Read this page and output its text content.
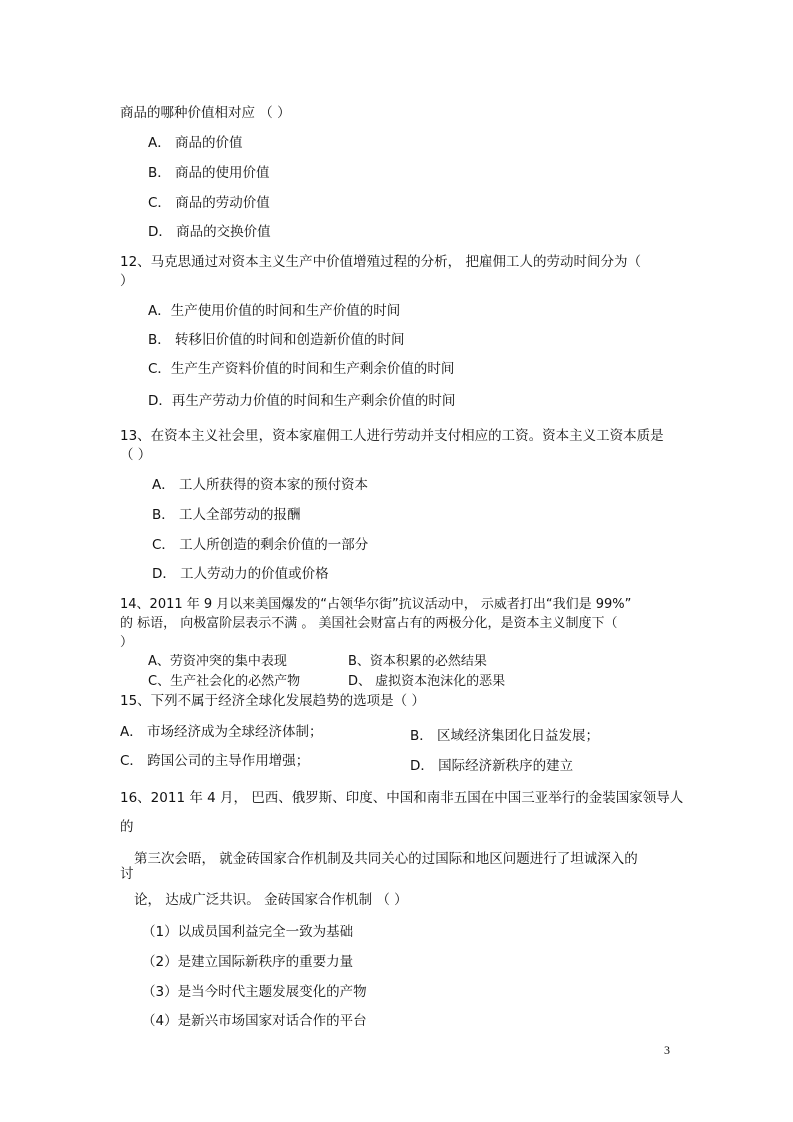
商品的哪种价值相对应 （ ）
A． 商品的价值
B． 商品的使用价值
C． 商品的劳动价值
D． 商品的交换价值
12、马克思通过对资本主义生产中价值增殖过程的分析， 把雇佣工人的劳动时间分为（
）
A．生产使用价值的时间和生产价值的时间
B． 转移旧价值的时间和创造新价值的时间
C．生产生产资料价值的时间和生产剩余价值的时间
D．再生产劳动力价值的时间和生产剩余价值的时间
13、在资本主义社会里，资本家雇佣工人进行劳动并支付相应的工资。资本主义工资本质是
（ ）
A． 工人所获得的资本家的预付资本
B． 工人全部劳动的报酬
C． 工人所创造的剩余价值的一部分
D． 工人劳动力的价值或价格
14、2011 年 9 月以来美国爆发的“占领华尔街”抗议活动中， 示威者打出“我们是 99%”
的 标语， 向极富阶层表示不满 。 美国社会财富占有的两极分化，是资本主义制度下（
）
A、劳资冲突的集中表现	B、资本积累的必然结果
C、生产社会化的必然产物	D、 虚拟资本泡沫化的恶果
15、下列不属于经济全球化发展趋势的选项是（ ）
A． 市场经济成为全球经济体制；	B． 区域经济集团化日益发展；
C． 跨国公司的主导作用增强；	D． 国际经济新秩序的建立
16、2011 年 4 月， 巴西、俄罗斯、印度、中国和南非五国在中国三亚举行的金装国家领导人
的
第三次会晤， 就金砖国家合作机制及共同关心的过国际和地区问题进行了坦诚深入的
讨
论， 达成广泛共识。 金砖国家合作机制 （ ）
（1）以成员国利益完全一致为基础
（2）是建立国际新秩序的重要力量
（3）是当今时代主题发展变化的产物
（4）是新兴市场国家对话合作的平台
3
